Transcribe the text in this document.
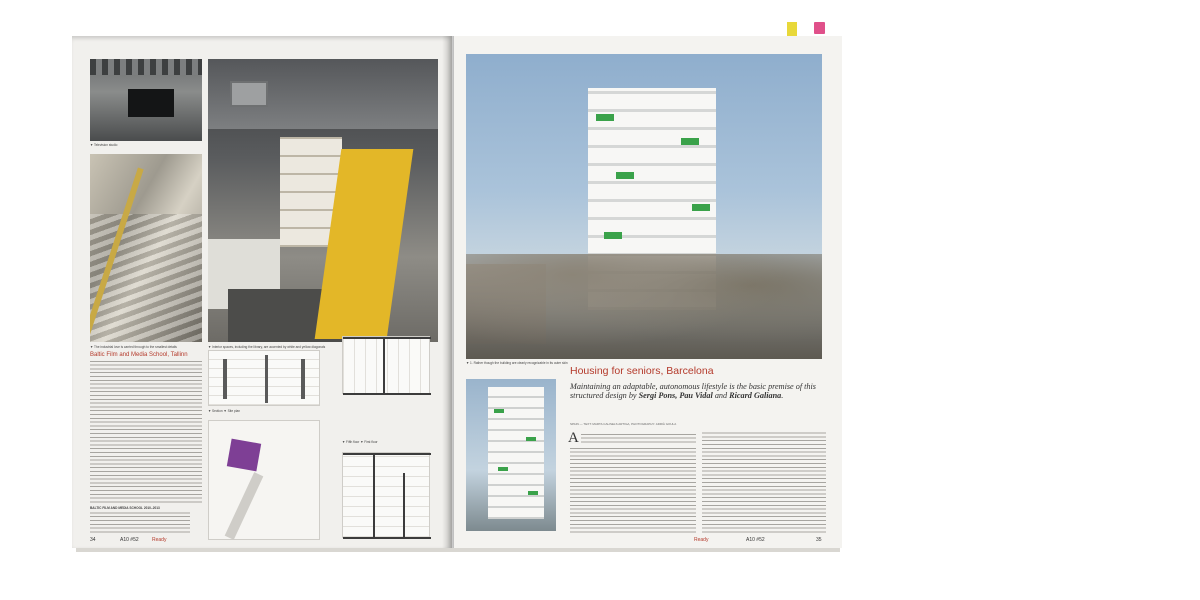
▼ Television studio
▼ The industrial love is carried through to the smallest details	▼ Interior spaces, including the library, are accented by white and yellow diagonals
Baltic Film and Media School, Tallinn
BALTIC FILM AND MEDIA SCHOOL 2010–2013
▼ Section ▼ Site plan
▼ Fifth floor ▼ First floor
34	A10 #52	Ready
▼ 1. Rather though the building are clearly recognizable in its outer skin
Housing for seniors, Barcelona
Maintaining an adaptable, autonomous lifestyle is the basic premise of this structured design by Sergi Pons, Pau Vidal and Ricard Galiana.
SPAIN — TEXT: MARTA CALISELS ARTIGA, PHOTOGRAPHY: ADRIÀ GOULA
A
Ready	A10 #52	35
